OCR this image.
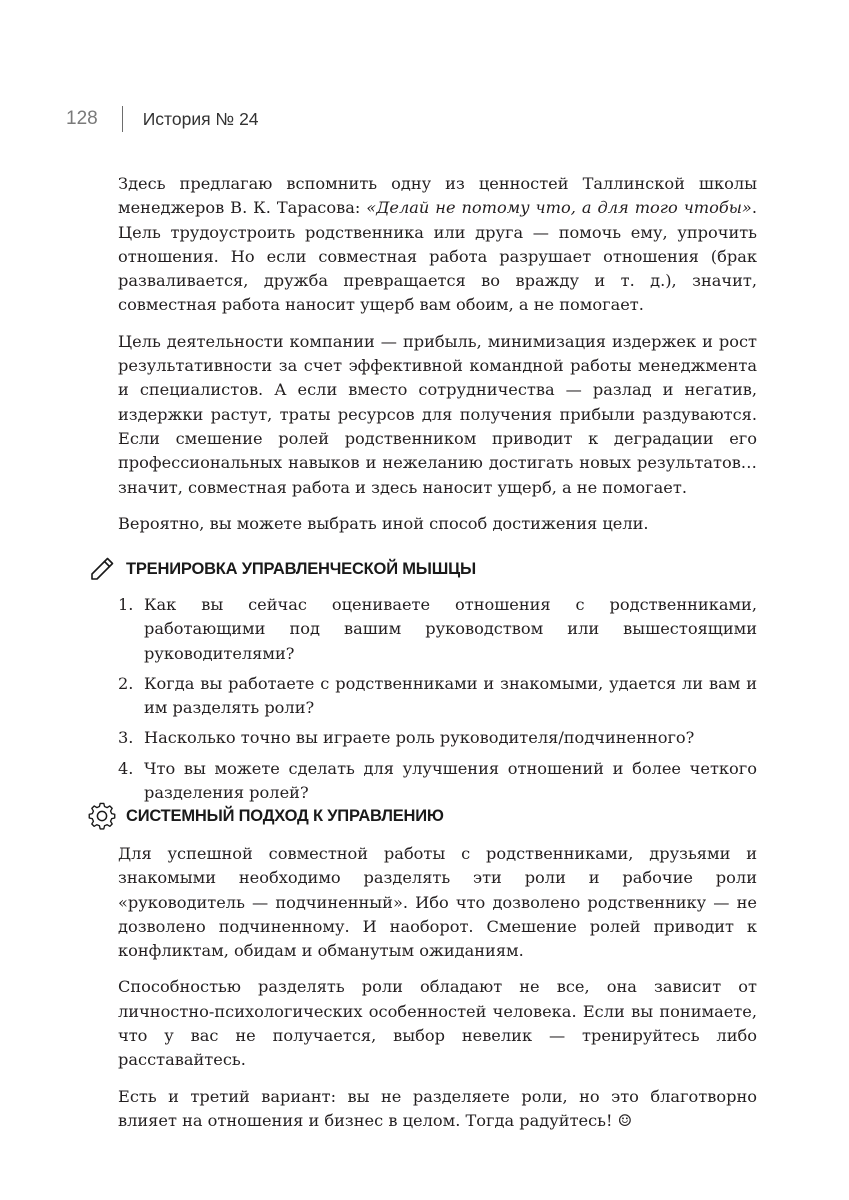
128	История № 24

Здесь предлагаю вспомнить одну из ценностей Таллинской школы менеджеров В. К. Тарасова: «Делай не потому что, а для того чтобы». Цель трудоустроить родственника или друга — помочь ему, упрочить отношения. Но если совместная работа разрушает отношения (брак разваливается, дружба превращается во вражду и т. д.), значит, совместная работа наносит ущерб вам обоим, а не помогает.

Цель деятельности компании — прибыль, минимизация издержек и рост результативности за счет эффективной командной работы менеджмента и специалистов. А если вместо сотрудничества — разлад и негатив, издержки растут, траты ресурсов для получения прибыли раздуваются. Если смешение ролей родственником приводит к деградации его профессиональных навыков и нежеланию достигать новых результатов… значит, совместная работа и здесь наносит ущерб, а не помогает.

Вероятно, вы можете выбрать иной способ достижения цели.

ТРЕНИРОВКА УПРАВЛЕНЧЕСКОЙ МЫШЦЫ
1. Как вы сейчас оцениваете отношения с родственниками, работающими под вашим руководством или вышестоящими руководителями?
2. Когда вы работаете с родственниками и знакомыми, удается ли вам и им разделять роли?
3. Насколько точно вы играете роль руководителя/подчиненного?
4. Что вы можете сделать для улучшения отношений и более четкого разделения ролей?
СИСТЕМНЫЙ ПОДХОД К УПРАВЛЕНИЮ

Для успешной совместной работы с родственниками, друзьями и знакомыми необходимо разделять эти роли и рабочие роли «руководитель — подчиненный». Ибо что дозволено родственнику — не дозволено подчиненному. И наоборот. Смешение ролей приводит к конфликтам, обидам и обманутым ожиданиям.

Способностью разделять роли обладают не все, она зависит от личностно-психологических особенностей человека. Если вы понимаете, что у вас не получается, выбор невелик — тренируйтесь либо расставайтесь.

Есть и третий вариант: вы не разделяете роли, но это благотворно влияет на отношения и бизнес в целом. Тогда радуйтесь! ☺
